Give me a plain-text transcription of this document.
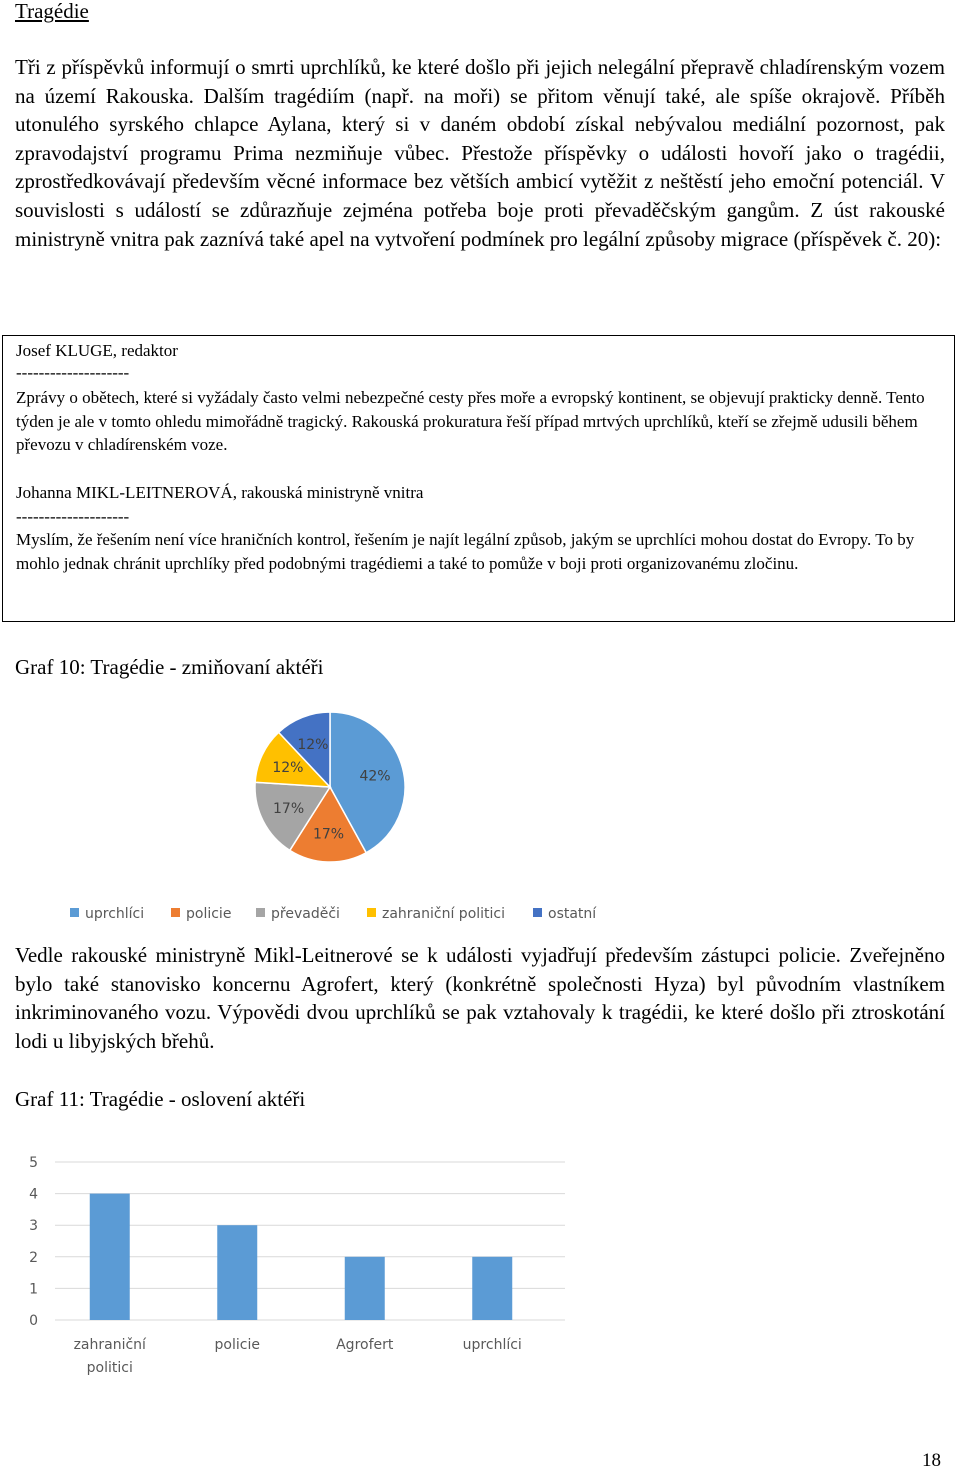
Tragédie

Tři z příspěvků informují o smrti uprchlíků, ke které došlo při jejich nelegální přepravě chladírenským vozem na území Rakouska. Dalším tragédiím (např. na moři) se přitom věnují také, ale spíše okrajově. Příběh utonulého syrského chlapce Aylana, který si v daném období získal nebývalou mediální pozornost, pak zpravodajství programu Prima nezmiňuje vůbec. Přestože příspěvky o události hovoří jako o tragédii, zprostředkovávají především věcné informace bez větších ambicí vytěžit z neštěstí jeho emoční potenciál. V souvislosti s událostí se zdůrazňuje zejména potřeba boje proti převaděčským gangům. Z úst rakouské ministryně vnitra pak zaznívá také apel na vytvoření podmínek pro legální způsoby migrace (příspěvek č. 20):

Josef KLUGE, redaktor
--------------------

Zprávy o obětech, které si vyžádaly často velmi nebezpečné cesty přes moře a evropský kontinent, se objevují prakticky denně. Tento týden je ale v tomto ohledu mimořádně tragický. Rakouská prokuratura řeší případ mrtvých uprchlíků, kteří se zřejmě udusili během převozu v chladírenském voze.

Johanna MIKL-LEITNEROVÁ, rakouská ministryně vnitra
--------------------

Myslím, že řešením není více hraničních kontrol, řešením je najít legální způsob, jakým se uprchlíci mohou dostat do Evropy. To by mohlo jednak chránit uprchlíky před podobnými tragédiemi a také to pomůže v boji proti organizovanému zločinu.

Graf 10: Tragédie - zmiňovaní aktéři
42%
17%
17%
12%
12%
uprchlíci	policie	převaděči	zahraniční politici	ostatní

Vedle rakouské ministryně Mikl-Leitnerové se k události vyjadřují především zástupci policie. Zveřejněno bylo také stanovisko koncernu Agrofert, který (konkrétně společnosti Hyza) byl původním vlastníkem inkriminovaného vozu. Výpovědi dvou uprchlíků se pak vztahovaly k tragédii, ke které došlo při ztroskotání lodi u libyjských břehů.

Graf 11: Tragédie - oslovení aktéři
0
1
2
3
4
5
zahraniční
politici
policie	Agrofert	uprchlíci
18
